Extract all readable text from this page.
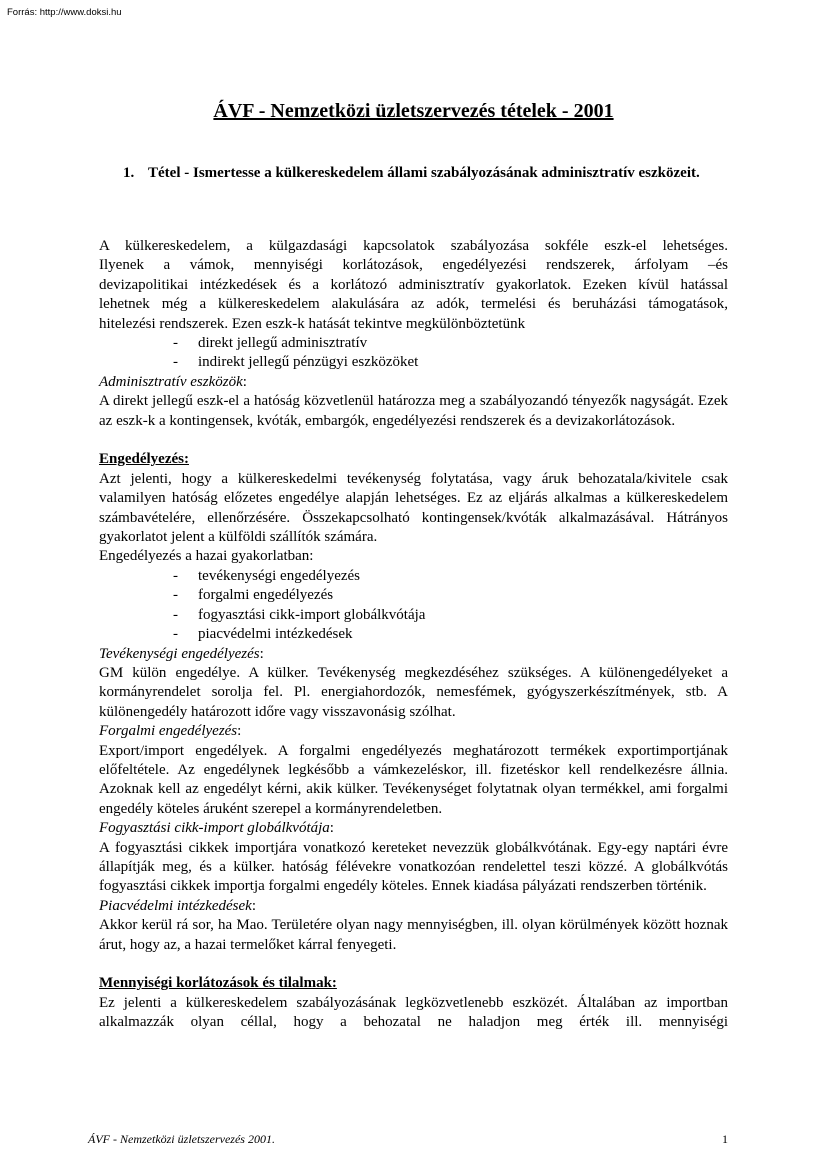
Forrás: http://www.doksi.hu
ÁVF - Nemzetközi üzletszervezés tételek - 2001
1. Tétel - Ismertesse a külkereskedelem állami szabályozásának adminisztratív eszközeit.

A külkereskedelem, a külgazdasági kapcsolatok szabályozása sokféle eszk-el lehetséges.

Ilyenek a vámok, mennyiségi korlátozások, engedélyezési rendszerek, árfolyam –és

devizapolitikai intézkedések és a korlátozó adminisztratív gyakorlatok. Ezeken kívül hatással

lehetnek még a külkereskedelem alakulására az adók, termelési és beruházási támogatások,

hitelezési rendszerek. Ezen eszk-k hatását tekintve megkülönböztetünk

- direkt jellegű adminisztratív
- indirekt jellegű pénzügyi eszközöket

Adminisztratív eszközök:

A direkt jellegű eszk-el a hatóság közvetlenül határozza meg a szabályozandó tényezők nagyságát. Ezek az eszk-k a kontingensek, kvóták, embargók, engedélyezési rendszerek és a devizakorlátozások.

Engedélyezés:

Azt jelenti, hogy a külkereskedelmi tevékenység folytatása, vagy áruk behozatala/kivitele csak valamilyen hatóság előzetes engedélye alapján lehetséges. Ez az eljárás alkalmas a külkereskedelem számbavételére, ellenőrzésére. Összekapcsolható kontingensek/kvóták alkalmazásával. Hátrányos gyakorlatot jelent a külföldi szállítók számára.

Engedélyezés a hazai gyakorlatban:

- tevékenységi engedélyezés
- forgalmi engedélyezés
- fogyasztási cikk-import globálkvótája
- piacvédelmi intézkedések

Tevékenységi engedélyezés:

GM külön engedélye. A külker. Tevékenység megkezdéséhez szükséges. A különengedélyeket a kormányrendelet sorolja fel. Pl. energiahordozók, nemesfémek, gyógyszerkészítmények, stb. A különengedély határozott időre vagy visszavonásig szólhat.

Forgalmi engedélyezés:

Export/import engedélyek. A forgalmi engedélyezés meghatározott termékek exportimportjának előfeltétele. Az engedélynek legkésőbb a vámkezeléskor, ill. fizetéskor kell rendelkezésre állnia. Azoknak kell az engedélyt kérni, akik külker. Tevékenységet folytatnak olyan termékkel, ami forgalmi engedély köteles áruként szerepel a kormányrendeletben.

Fogyasztási cikk-import globálkvótája:

A fogyasztási cikkek importjára vonatkozó kereteket nevezzük globálkvótának. Egy-egy naptári évre állapítják meg, és a külker. hatóság félévekre vonatkozóan rendelettel teszi közzé. A globálkvótás fogyasztási cikkek importja forgalmi engedély köteles. Ennek kiadása pályázati rendszerben történik.

Piacvédelmi intézkedések:

Akkor kerül rá sor, ha Mao. Területére olyan nagy mennyiségben, ill. olyan körülmények között hoznak árut, hogy az, a hazai termelőket kárral fenyegeti.

Mennyiségi korlátozások és tilalmak:

Ez jelenti a külkereskedelem szabályozásának legközvetlenebb eszközét. Általában az importban alkalmazzák olyan céllal, hogy a behozatal ne haladjon meg érték ill. mennyiségi

ÁVF - Nemzetközi üzletszervezés 2001.	1
